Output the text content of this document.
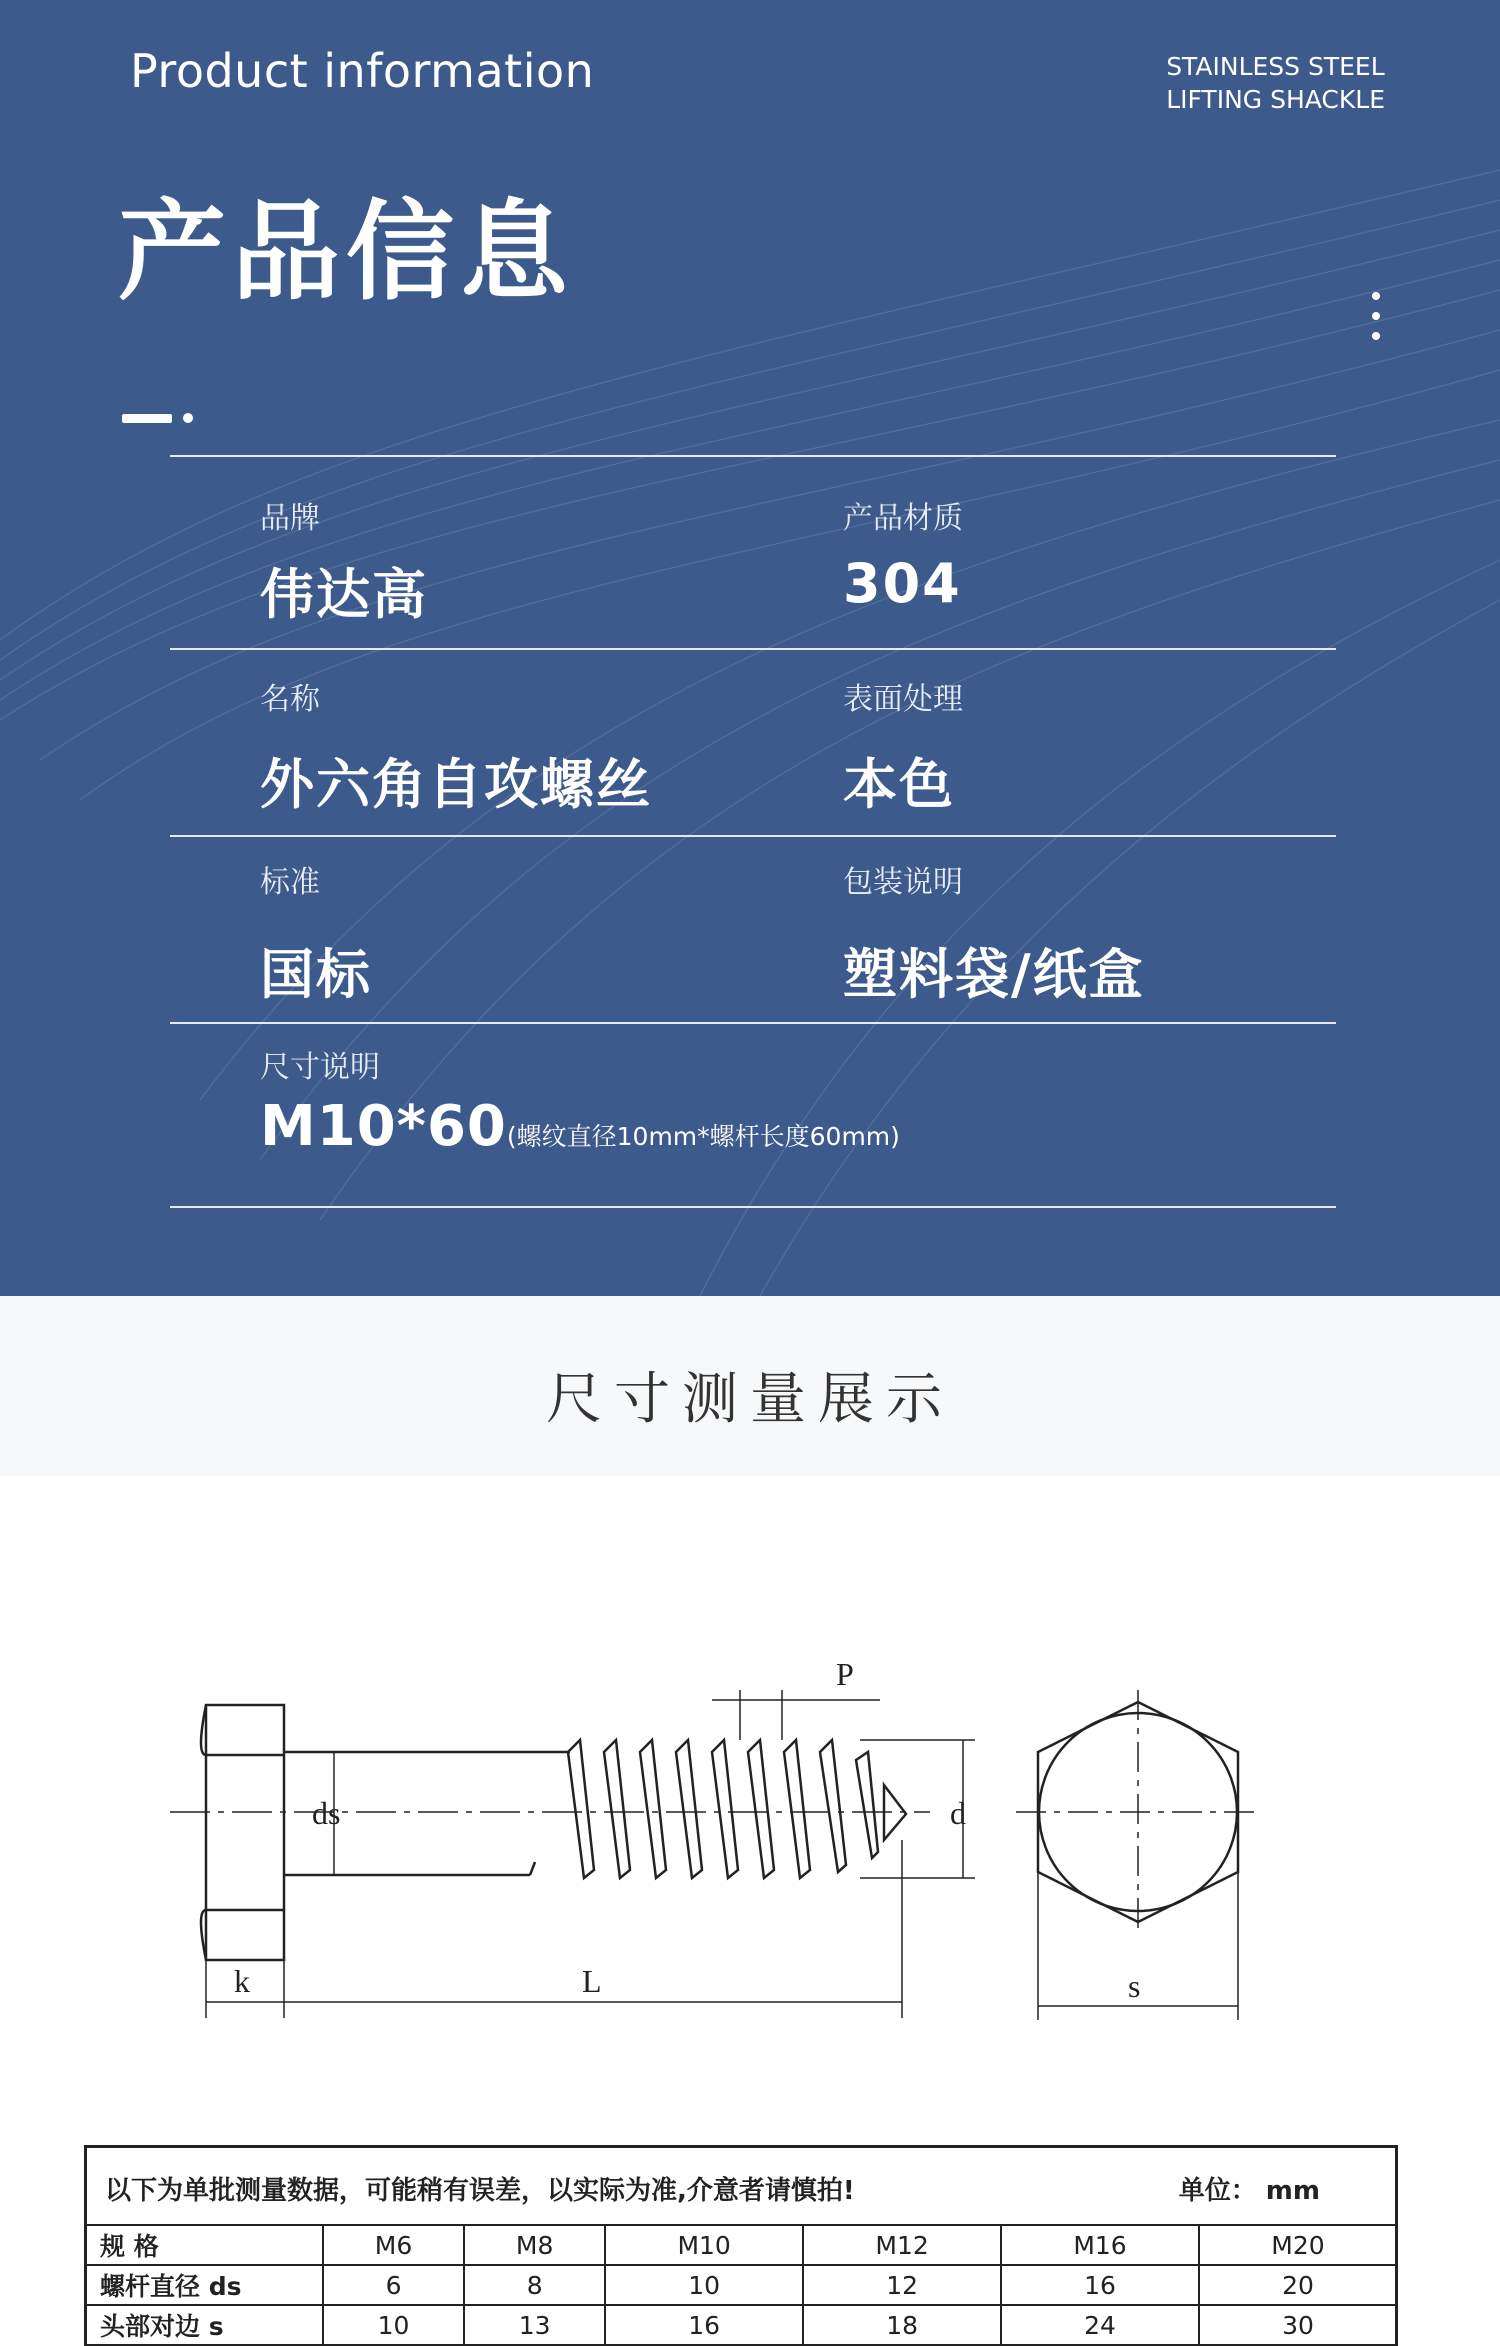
Product information	STAINLESS STEEL
LIFTING SHACKLE
产品信息
品牌
伟达高
产品材质
304
名称
外六角自攻螺丝
表面处理
本色
标准
国标
包装说明
塑料袋/纸盒
尺寸说明
M10*60(螺纹直径10mm*螺杆长度60mm)
尺寸测量展示
P
ds	d
k	L	s
以下为单批测量数据，可能稍有误差，以实际为准,介意者请慎拍!	单位： mm
规 格	M6	M8	M10	M12	M16	M20
螺杆直径 ds	6	8	10	12	16	20
头部对边 s	10	13	16	18	24	30
